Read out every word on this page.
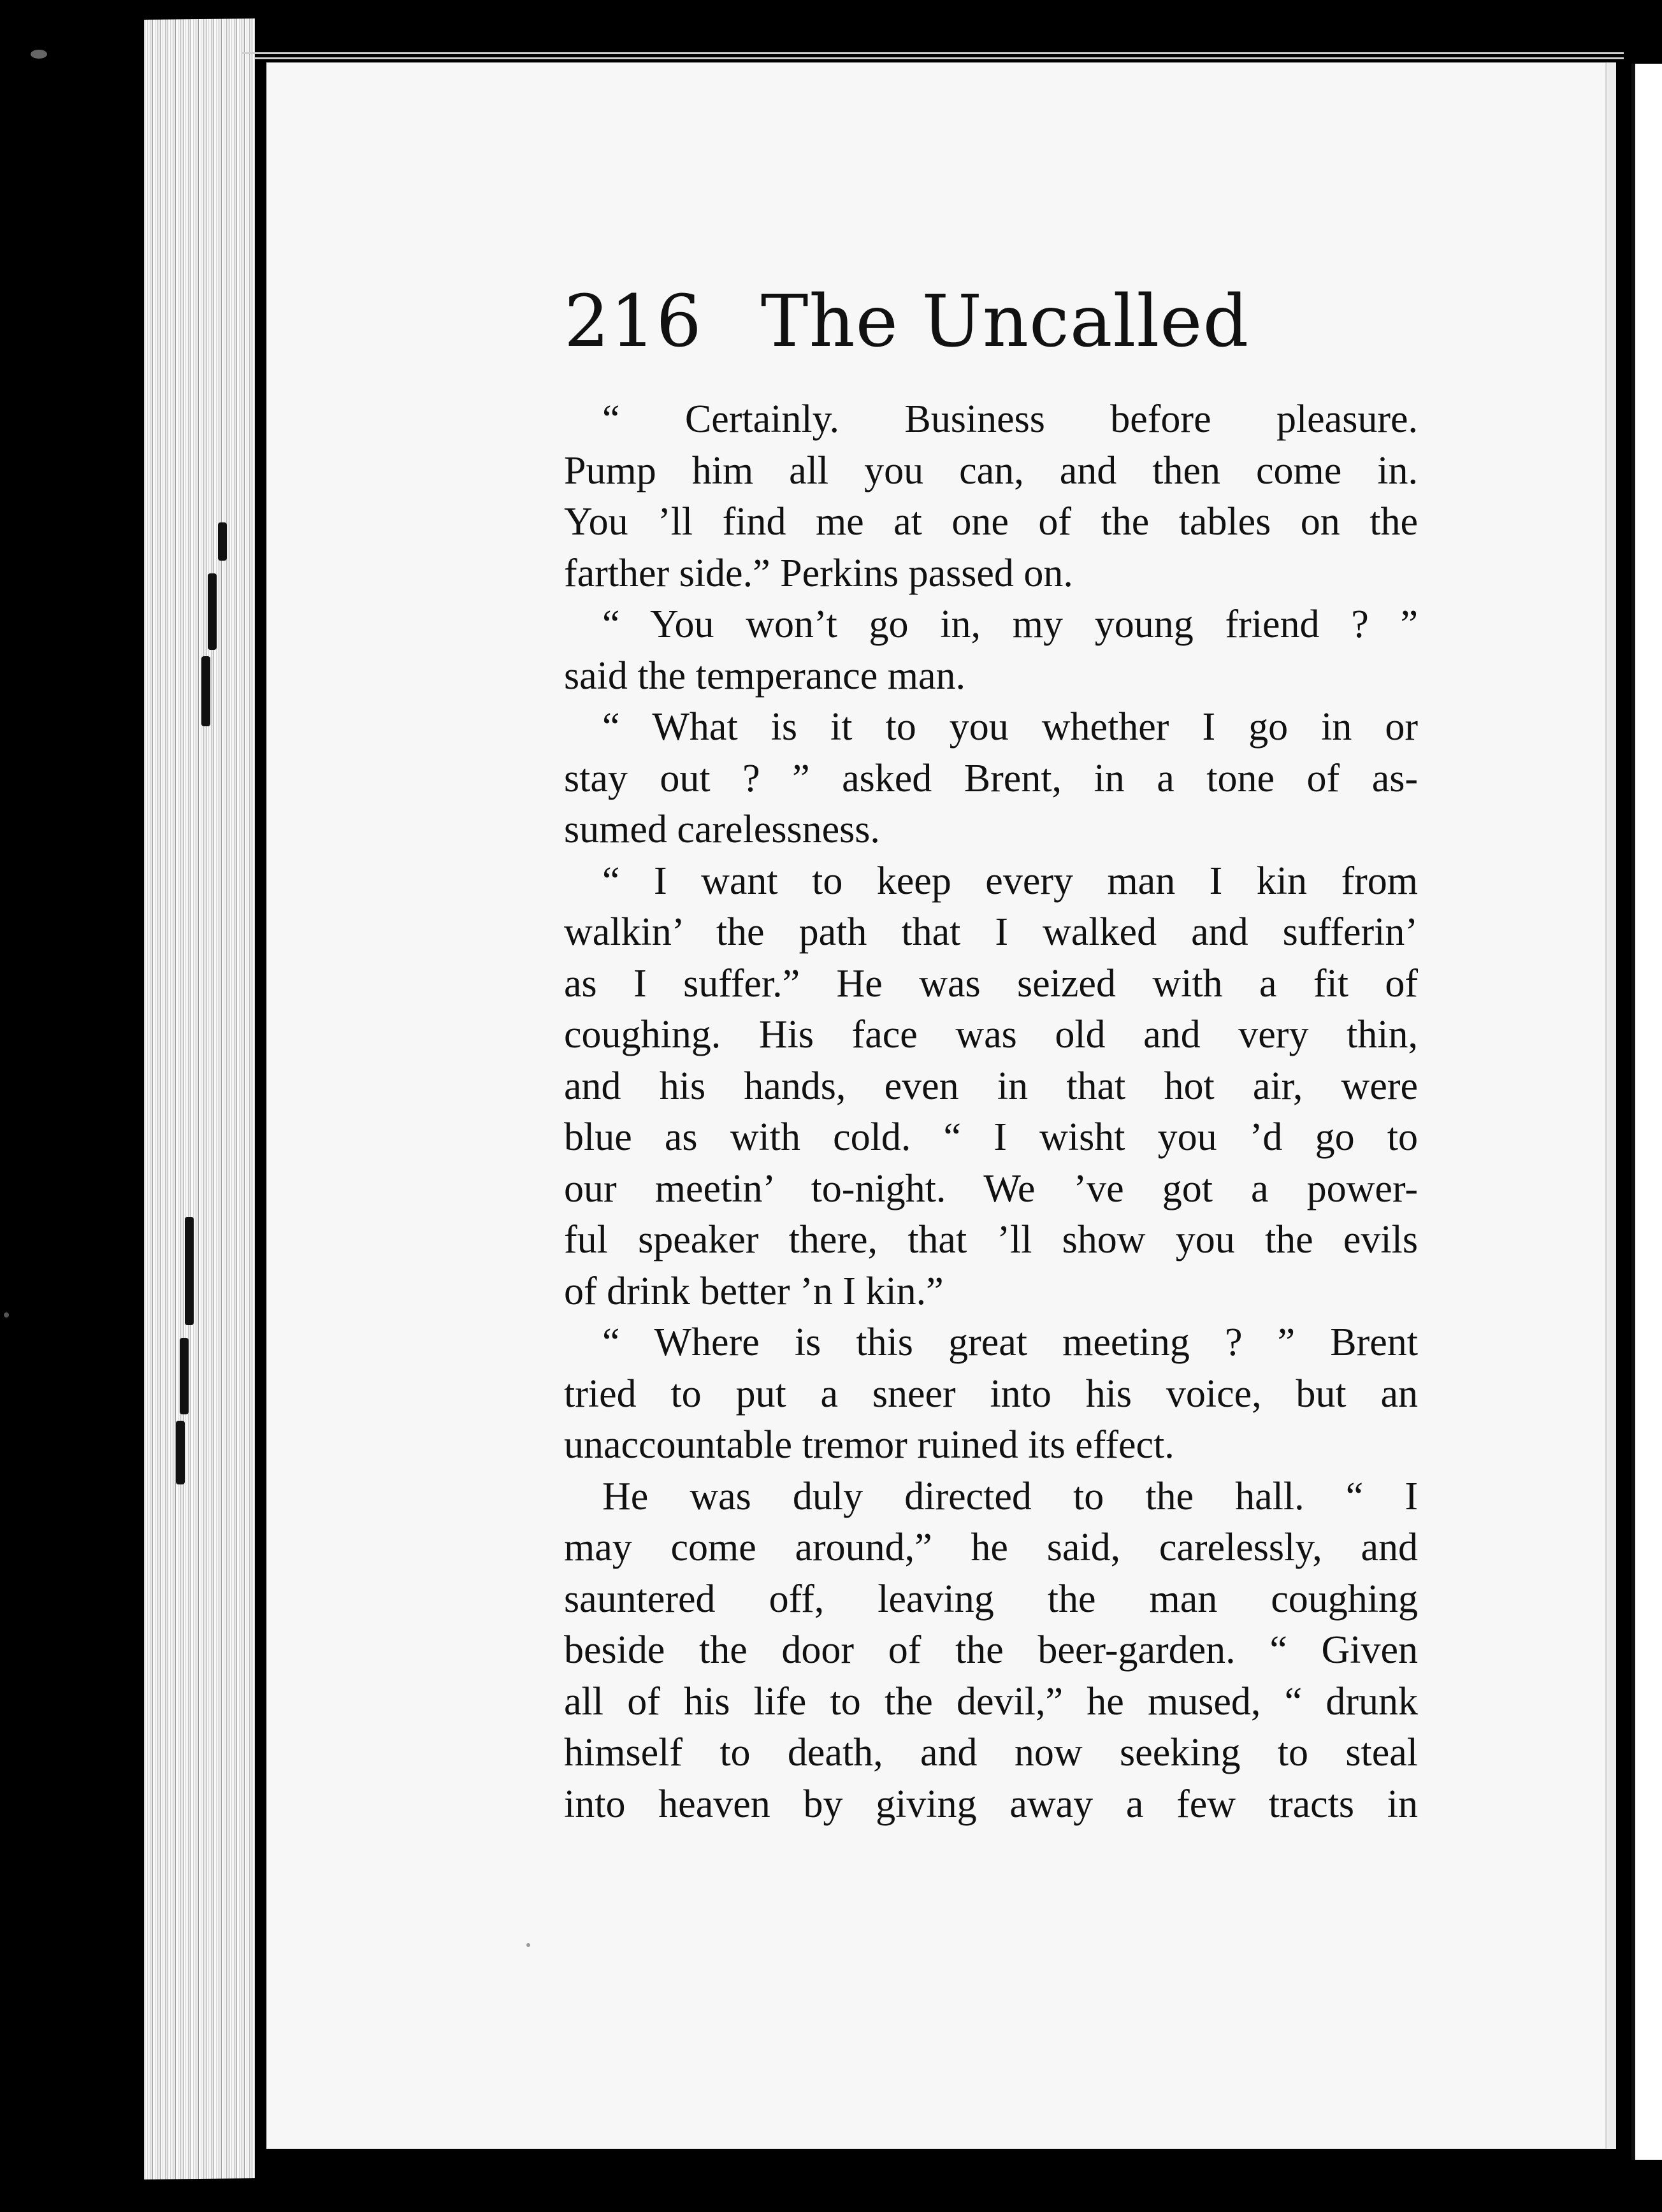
216 The Uncalled
“ Certainly. Business before pleasure.
Pump him all you can, and then come in.
You ’ll find me at one of the tables on the
farther side.” Perkins passed on.
“ You won’t go in, my young friend ? ”
said the temperance man.
“ What is it to you whether I go in or
stay out ? ” asked Brent, in a tone of as-
sumed carelessness.
“ I want to keep every man I kin from
walkin’ the path that I walked and sufferin’
as I suffer.” He was seized with a fit of
coughing. His face was old and very thin,
and his hands, even in that hot air, were
blue as with cold. “ I wisht you ’d go to
our meetin’ to-night. We ’ve got a power-
ful speaker there, that ’ll show you the evils
of drink better ’n I kin.”
“ Where is this great meeting ? ” Brent
tried to put a sneer into his voice, but an
unaccountable tremor ruined its effect.
He was duly directed to the hall. “ I
may come around,” he said, carelessly, and
sauntered off, leaving the man coughing
beside the door of the beer-garden. “ Given
all of his life to the devil,” he mused, “ drunk
himself to death, and now seeking to steal
into heaven by giving away a few tracts in
